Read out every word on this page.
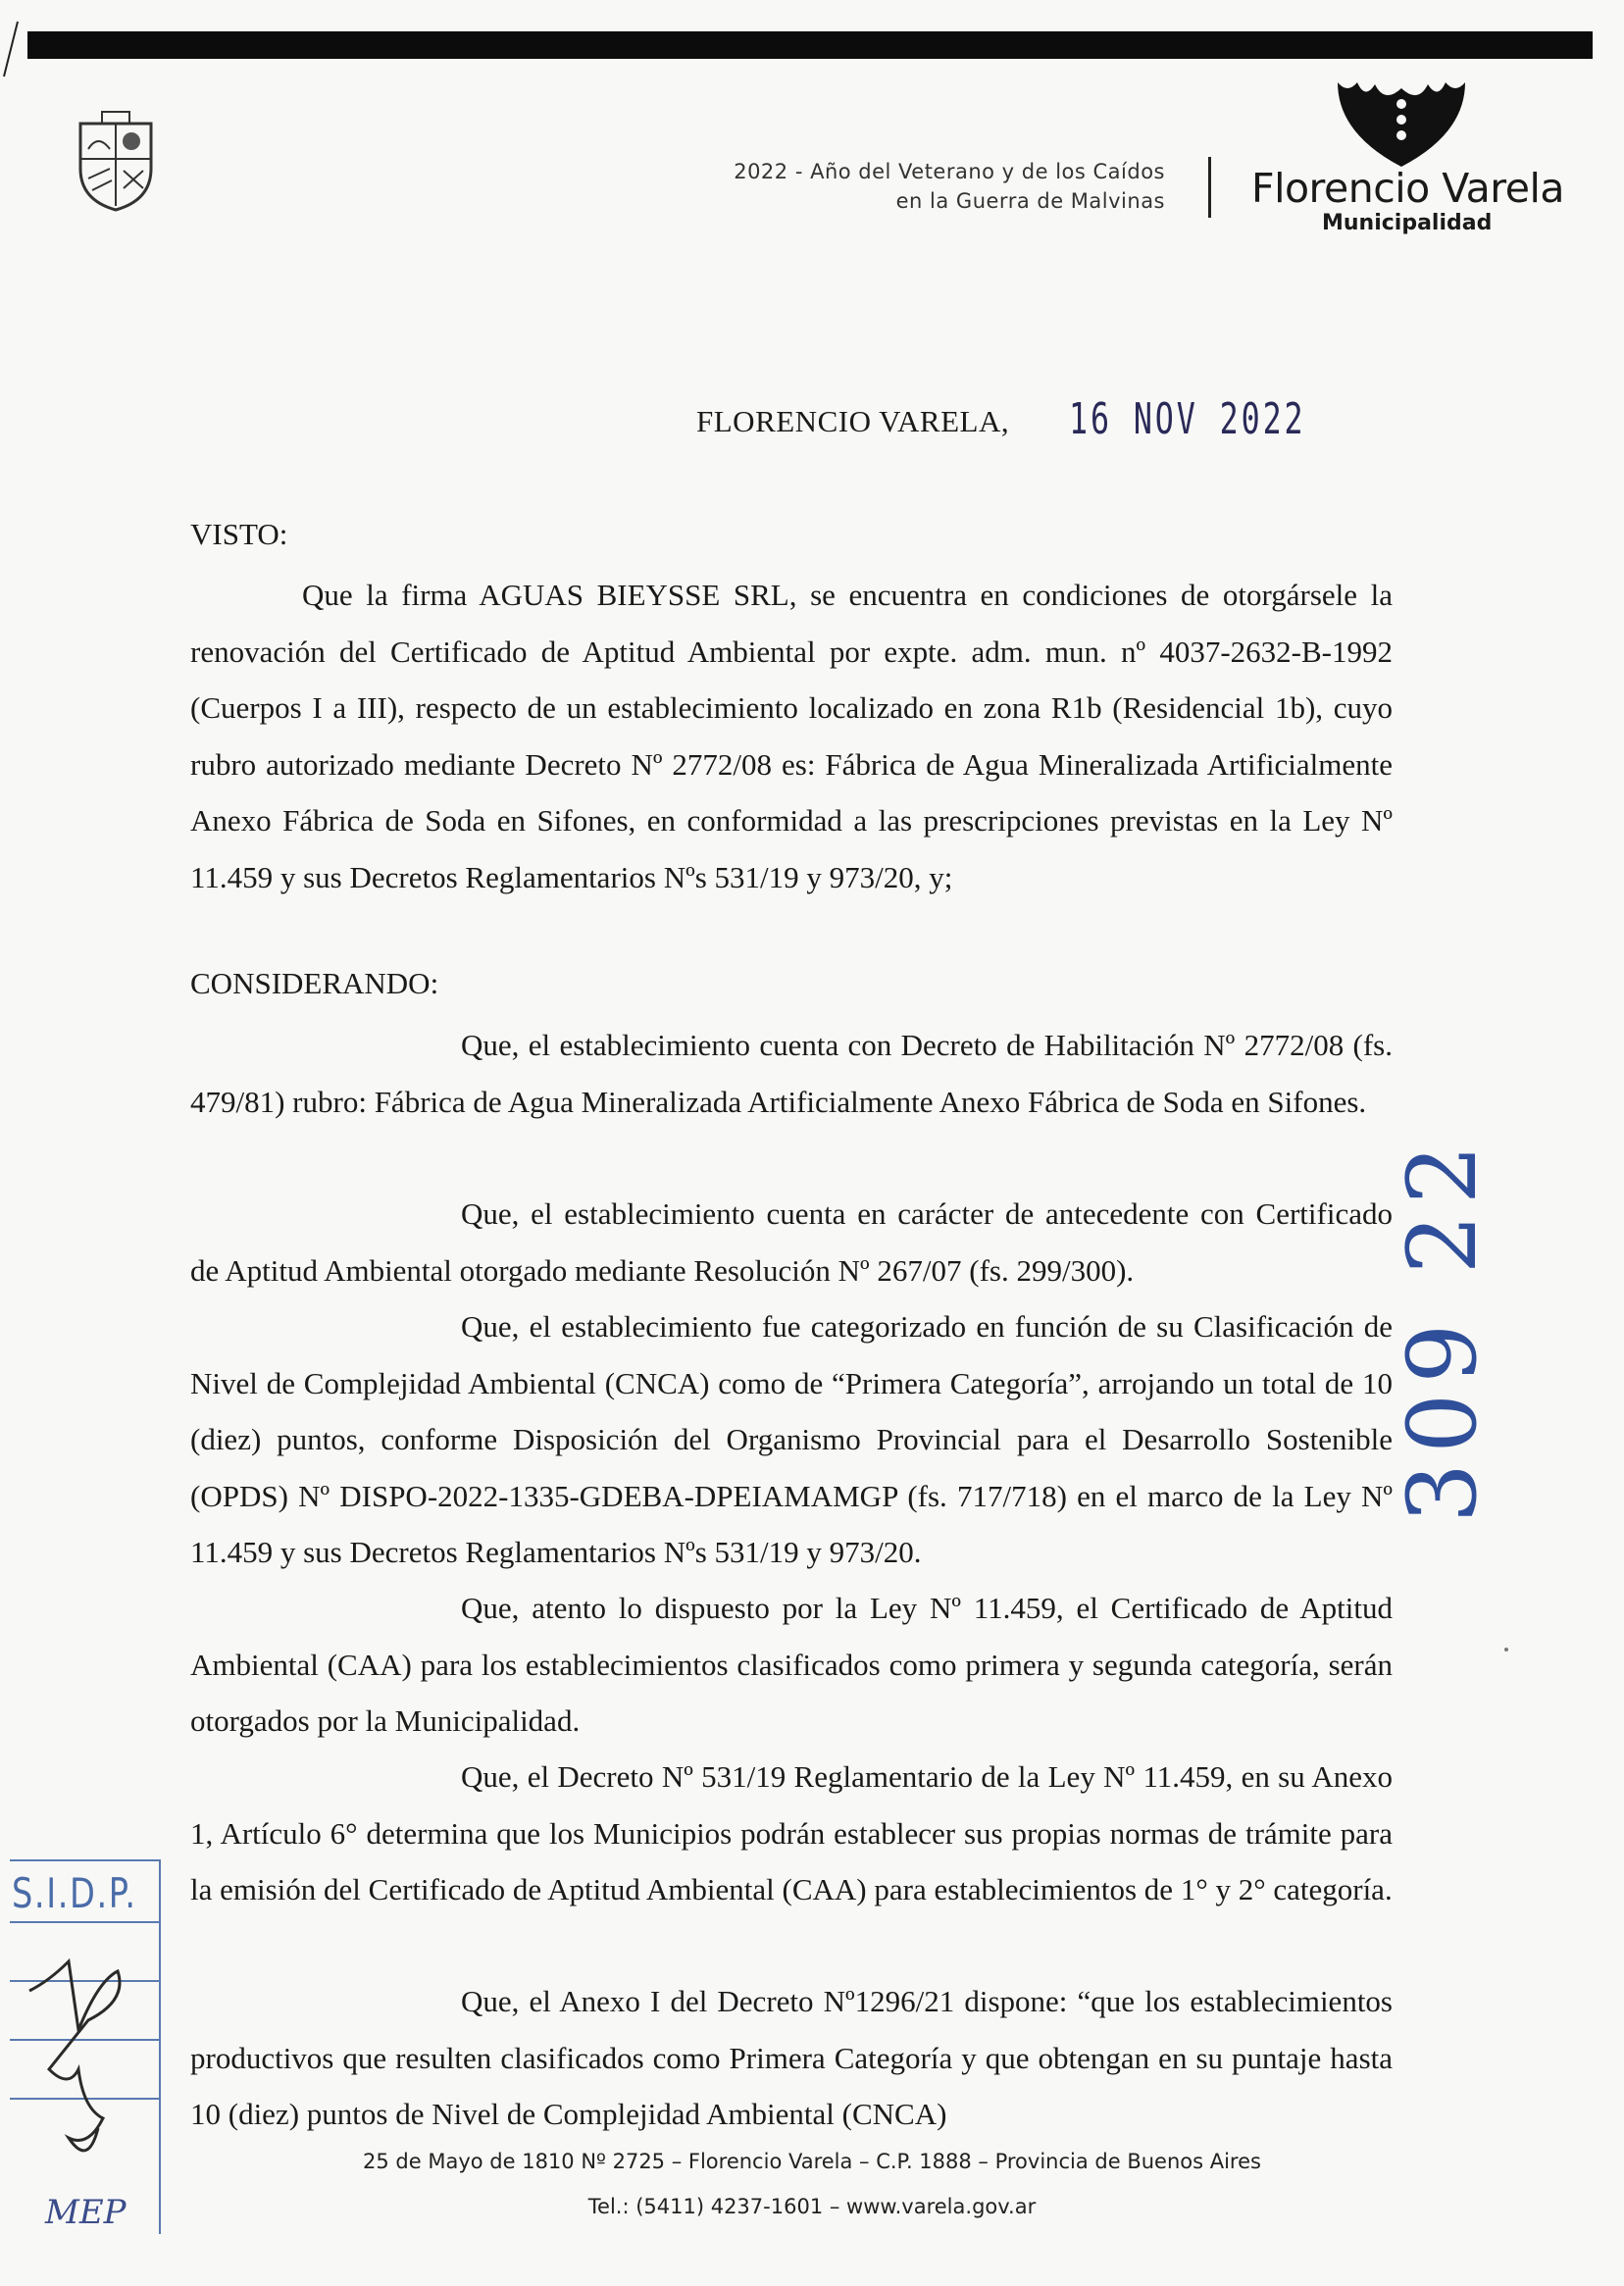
2022 - Año del Veterano y de los Caídos
en la Guerra de Malvinas Florencio Varela
Municipalidad
FLORENCIO VARELA, 16 NOV 2022
VISTO:
Que la firma AGUAS BIEYSSE SRL, se encuentra en condiciones de otorgársele la renovación del Certificado de Aptitud Ambiental por expte. adm. mun. nº 4037-2632-B-1992 (Cuerpos I a III), respecto de un establecimiento localizado en zona R1b (Residencial 1b), cuyo rubro autorizado mediante Decreto Nº 2772/08 es: Fábrica de Agua Mineralizada Artificialmente Anexo Fábrica de Soda en Sifones, en conformidad a las prescripciones previstas en la Ley Nº 11.459 y sus Decretos Reglamentarios Nºs 531/19 y 973/20, y;
CONSIDERANDO:
Que, el establecimiento cuenta con Decreto de Habilitación Nº 2772/08 (fs. 479/81) rubro: Fábrica de Agua Mineralizada Artificialmente Anexo Fábrica de Soda en Sifones.
Que, el establecimiento cuenta en carácter de antecedente con Certificado de Aptitud Ambiental otorgado mediante Resolución Nº 267/07 (fs. 299/300).
Que, el establecimiento fue categorizado en función de su Clasificación de Nivel de Complejidad Ambiental (CNCA) como de “Primera Categoría”, arrojando un total de 10 (diez) puntos, conforme Disposición del Organismo Provincial para el Desarrollo Sostenible (OPDS) Nº DISPO-2022-1335-GDEBA-DPEIAMAMGP (fs. 717/718) en el marco de la Ley Nº 11.459 y sus Decretos Reglamentarios Nºs 531/19 y 973/20.
Que, atento lo dispuesto por la Ley Nº 11.459, el Certificado de Aptitud Ambiental (CAA) para los establecimientos clasificados como primera y segunda categoría, serán otorgados por la Municipalidad.
Que, el Decreto Nº 531/19 Reglamentario de la Ley Nº 11.459, en su Anexo 1, Artículo 6° determina que los Municipios podrán establecer sus propias normas de trámite para la emisión del Certificado de Aptitud Ambiental (CAA) para establecimientos de 1° y 2° categoría.
Que, el Anexo I del Decreto Nº1296/21 dispone: “que los establecimientos productivos que resulten clasificados como Primera Categoría y que obtengan en su puntaje hasta 10 (diez) puntos de Nivel de Complejidad Ambiental (CNCA)
309 22
S.I.D.P.
MEP
25 de Mayo de 1810 Nº 2725 – Florencio Varela – C.P. 1888 – Provincia de Buenos Aires
Tel.: (5411) 4237-1601 – www.varela.gov.ar
